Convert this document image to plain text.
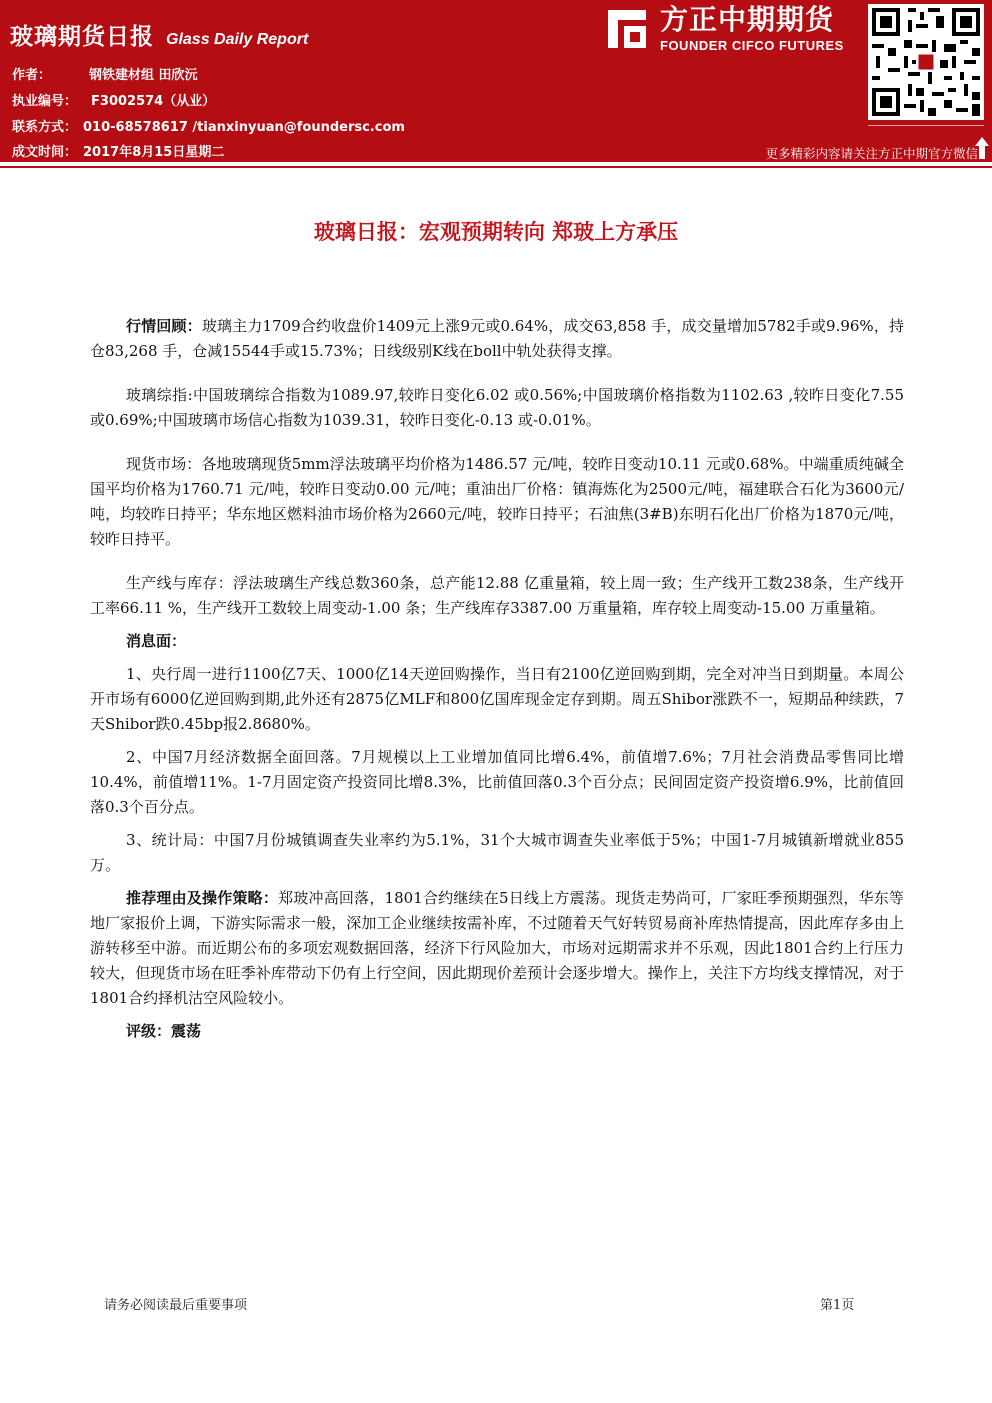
玻璃期货日报 Glass Daily Report
作者：	钢铁建材组 田欣沅
执业编号： F3002574（从业）
联系方式： 010-68578617 /tianxinyuan@foundersc.com
成文时间： 2017年8月15日星期二
方正中期期货
FOUNDER CIFCO FUTURES
更多精彩内容请关注方正中期官方微信
玻璃日报：宏观预期转向 郑玻上方承压

行情回顾：玻璃主力1709合约收盘价1409元上涨9元或0.64%，成交63,858 手，成交量增加5782手或9.96%，持仓83,268 手，仓减15544手或15.73%；日线级别K线在boll中轨处获得支撑。

玻璃综指:中国玻璃综合指数为1089.97,较昨日变化6.02 或0.56%;中国玻璃价格指数为1102.63 ,较昨日变化7.55 或0.69%;中国玻璃市场信心指数为1039.31，较昨日变化-0.13 或-0.01%。

现货市场：各地玻璃现货5mm浮法玻璃平均价格为1486.57 元/吨，较昨日变动10.11 元或0.68%。中端重质纯碱全国平均价格为1760.71 元/吨，较昨日变动0.00 元/吨；重油出厂价格：镇海炼化为2500元/吨，福建联合石化为3600元/吨，均较昨日持平；华东地区燃料油市场价格为2660元/吨，较昨日持平；石油焦(3#B)东明石化出厂价格为1870元/吨，较昨日持平。

生产线与库存：浮法玻璃生产线总数360条，总产能12.88 亿重量箱，较上周一致；生产线开工数238条，生产线开工率66.11 %，生产线开工数较上周变动-1.00 条；生产线库存3387.00 万重量箱，库存较上周变动-15.00 万重量箱。

消息面：

1、央行周一进行1100亿7天、1000亿14天逆回购操作，当日有2100亿逆回购到期，完全对冲当日到期量。本周公开市场有6000亿逆回购到期,此外还有2875亿MLF和800亿国库现金定存到期。周五Shibor涨跌不一，短期品种续跌，7天Shibor跌0.45bp报2.8680%。

2、中国7月经济数据全面回落。7月规模以上工业增加值同比增6.4%，前值增7.6%；7月社会消费品零售同比增10.4%，前值增11%。1-7月固定资产投资同比增8.3%，比前值回落0.3个百分点；民间固定资产投资增6.9%，比前值回落0.3个百分点。

3、统计局：中国7月份城镇调查失业率约为5.1%，31个大城市调查失业率低于5%；中国1-7月城镇新增就业855万。

推荐理由及操作策略：郑玻冲高回落，1801合约继续在5日线上方震荡。现货走势尚可，厂家旺季预期强烈，华东等地厂家报价上调，下游实际需求一般，深加工企业继续按需补库，不过随着天气好转贸易商补库热情提高，因此库存多由上游转移至中游。而近期公布的多项宏观数据回落，经济下行风险加大，市场对远期需求并不乐观，因此1801合约上行压力较大，但现货市场在旺季补库带动下仍有上行空间，因此期现价差预计会逐步增大。操作上，关注下方均线支撑情况，对于1801合约择机沽空风险较小。

评级：震荡

请务必阅读最后重要事项	第1页
